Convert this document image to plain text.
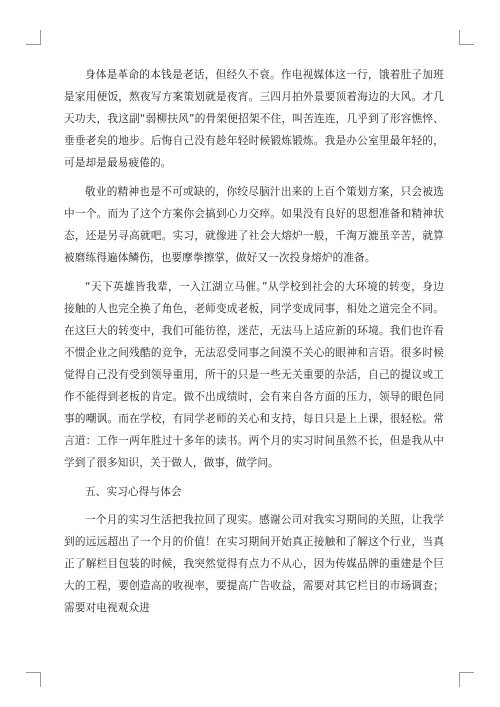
身体是革命的本钱是老话，但经久不衰。作电视媒体这一行，饿着肚子加班是家用便饭，熬夜写方案策划就是夜宵。三四月拍外景要顶着海边的大风。才几天功夫，我这副“弱柳扶风”的骨架便招架不住，叫苦连连，几乎到了形容憔悴、垂垂老矣的地步。后悔自己没有趁年轻时候锻炼锻炼。我是办公室里最年轻的，可是却是最易疲倦的。

敬业的精神也是不可或缺的，你绞尽脑汁出来的上百个策划方案，只会被选中一个。而为了这个方案你会搞到心力交瘁。如果没有良好的思想准备和精神状态，还是另寻高就吧。实习，就像进了社会大熔炉一般，千淘万漉虽辛苦，就算被磨练得遍体鳞伤，也要摩拳擦掌，做好又一次投身熔炉的准备。

“天下英雄皆我辈，一入江湖立马催。”从学校到社会的大环境的转变，身边接触的人也完全换了角色，老师变成老板，同学变成同事，相处之道完全不同。在这巨大的转变中，我们可能彷徨，迷茫，无法马上适应新的环境。我们也许看不惯企业之间残酷的竞争，无法忍受同事之间漠不关心的眼神和言语。很多时候觉得自己没有受到领导重用，所干的只是一些无关重要的杂活，自己的提议或工作不能得到老板的肯定。做不出成绩时，会有来自各方面的压力，领导的眼色同事的嘲讽。而在学校，有同学老师的关心和支持，每日只是上上课，很轻松。常言道：工作一两年胜过十多年的读书。两个月的实习时间虽然不长，但是我从中学到了很多知识，关于做人，做事，做学问。

五、实习心得与体会

一个月的实习生活把我拉回了现实。感谢公司对我实习期间的关照，让我学到的远远超出了一个月的价值！在实习期间开始真正接触和了解这个行业，当真正了解栏目包装的时候，我突然觉得有点力不从心，因为传媒品牌的重建是个巨大的工程，要创造高的收视率，要提高广告收益，需要对其它栏目的市场调查；需要对电视观众进
